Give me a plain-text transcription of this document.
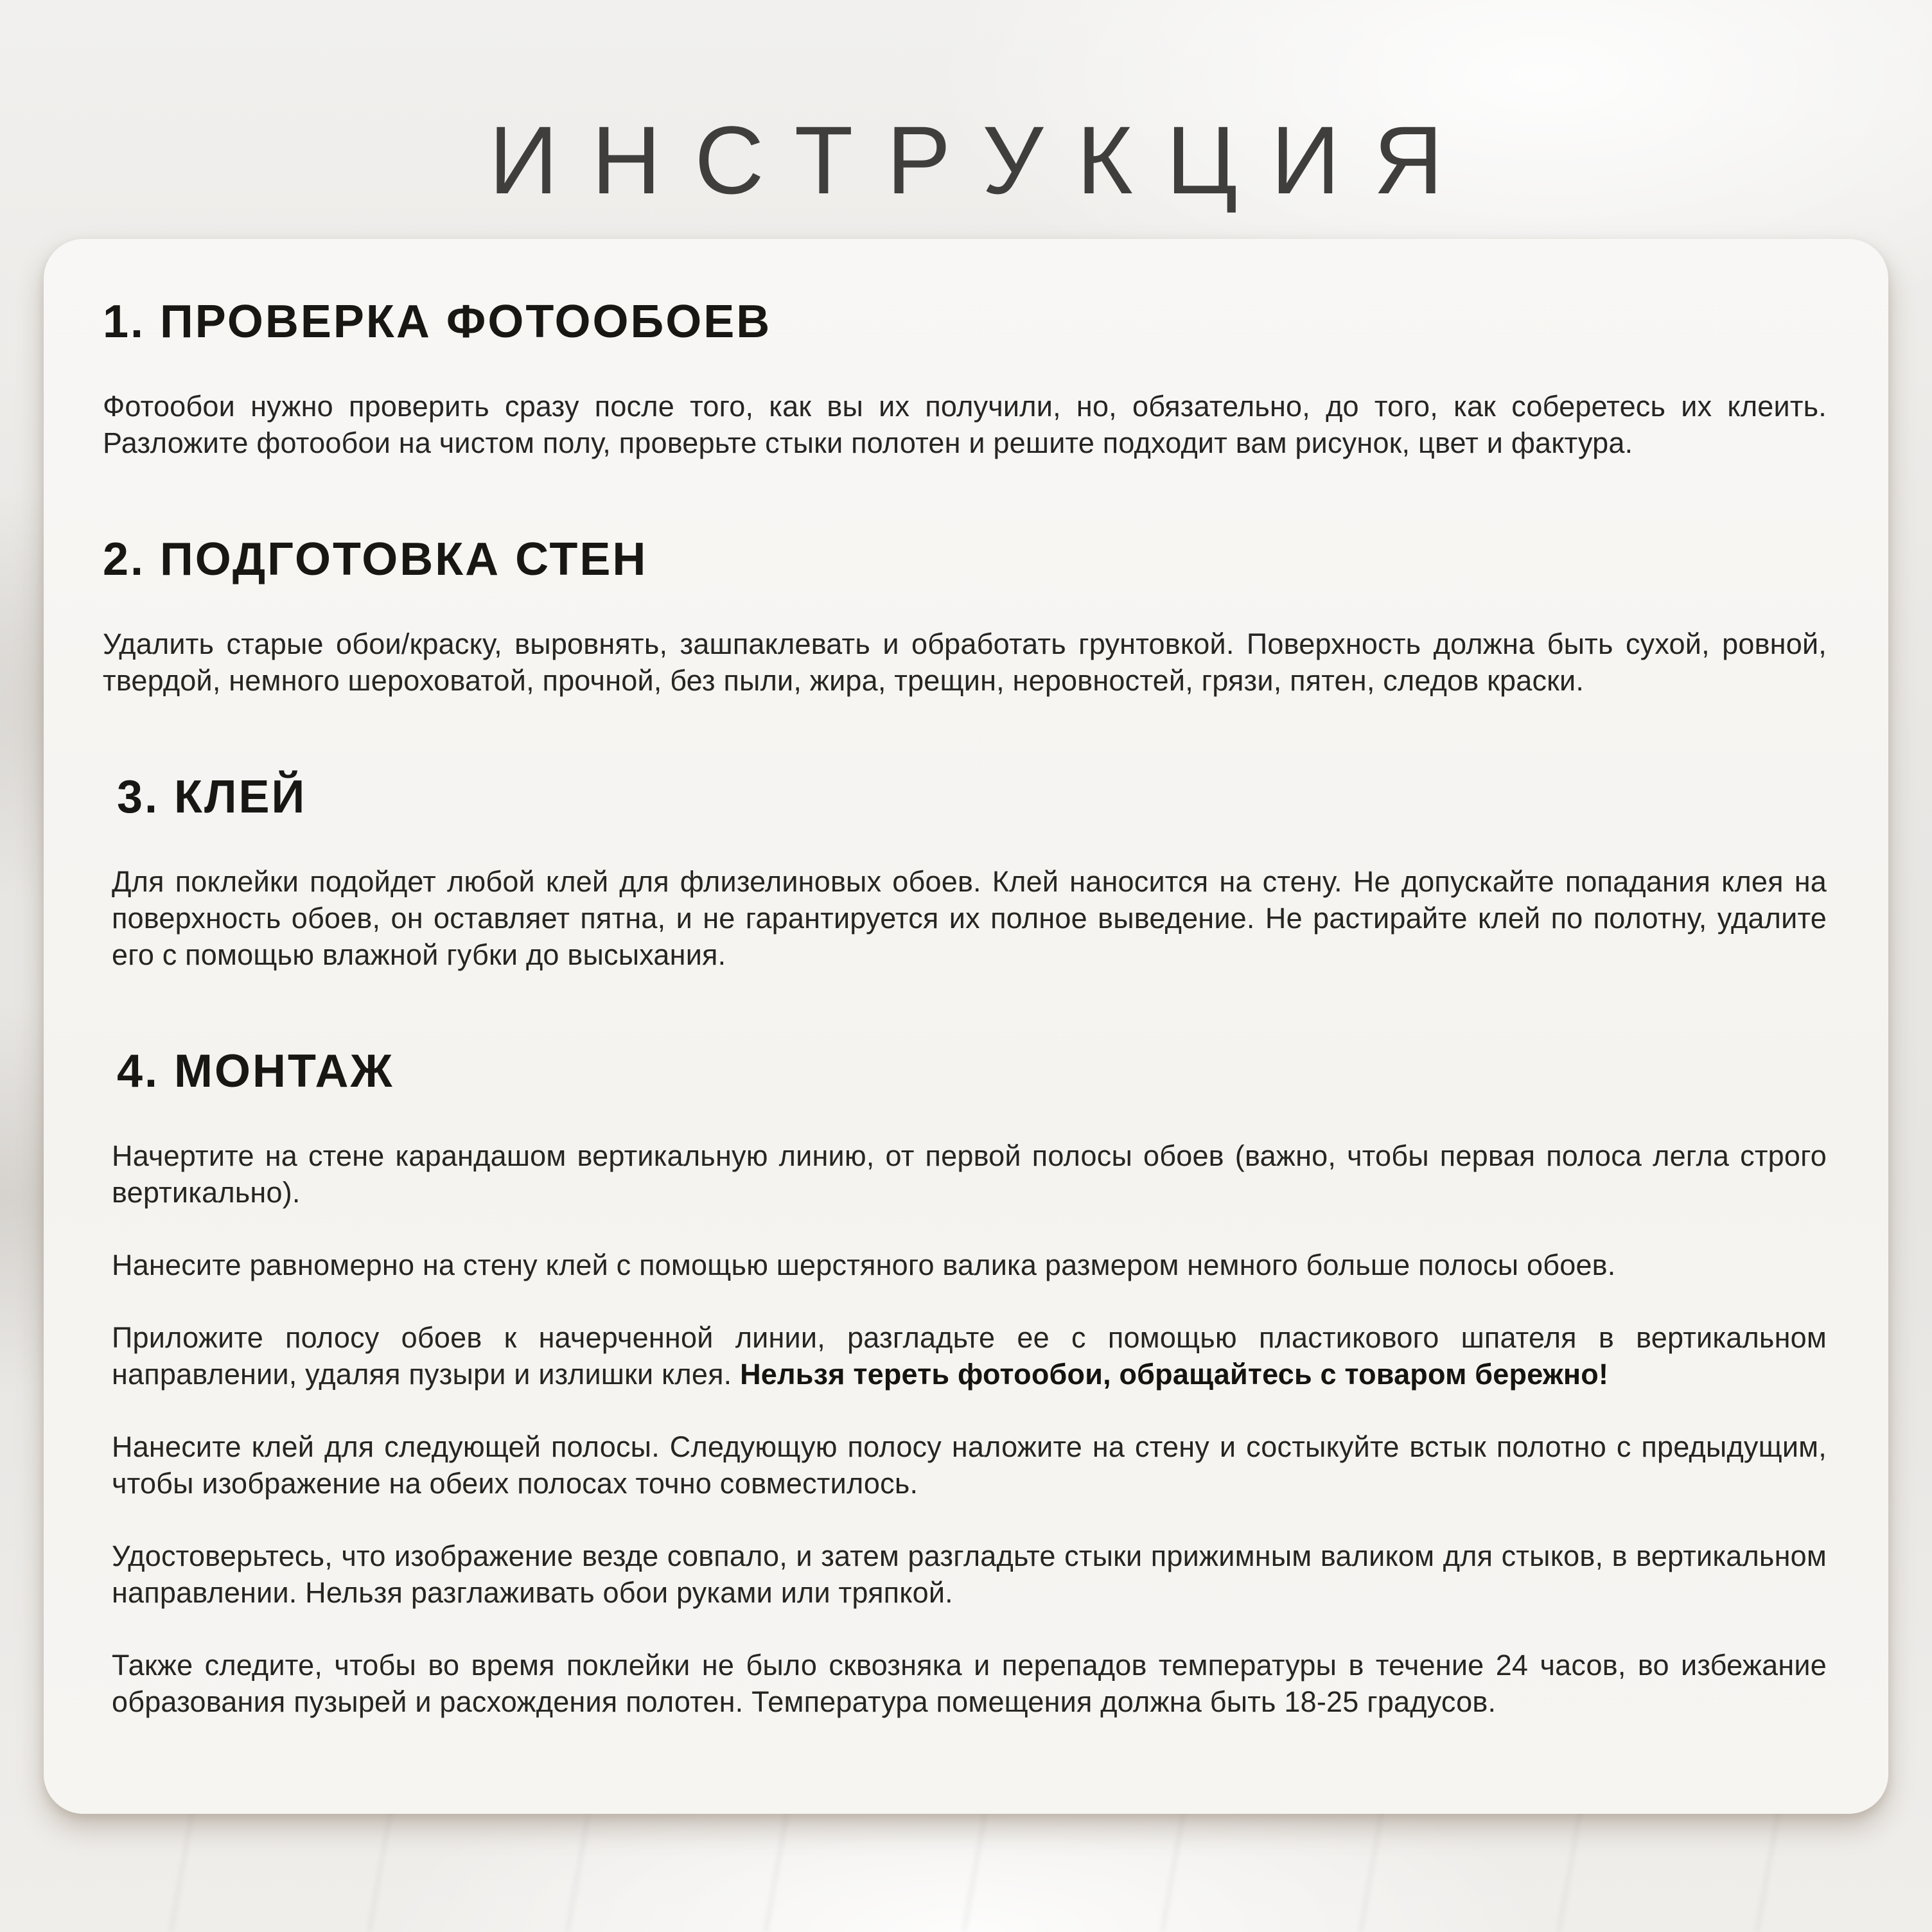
ИНСТРУКЦИЯ
1. ПРОВЕРКА ФОТООБОЕВ

Фотообои нужно проверить сразу после того, как вы их получили, но, обязательно, до того, как соберетесь их клеить. Разложите фотообои на чистом полу, проверьте стыки полотен и решите подходит вам рисунок, цвет и фактура.

2. ПОДГОТОВКА СТЕН

Удалить старые обои/краску, выровнять, зашпаклевать и обработать грунтовкой. Поверхность должна быть сухой, ровной, твердой, немного шероховатой, прочной, без пыли, жира, трещин, неровностей, грязи, пятен, следов краски.

3. КЛЕЙ

Для поклейки подойдет любой клей для флизелиновых обоев. Клей наносится на стену. Не допускайте попадания клея на поверхность обоев, он оставляет пятна, и не гарантируется их полное выведение. Не растирайте клей по полотну, удалите его с помощью влажной губки до высыхания.

4. МОНТАЖ

Начертите на стене карандашом вертикальную линию, от первой полосы обоев (важно, чтобы первая полоса легла строго вертикально).

Нанесите равномерно на стену клей с помощью шерстяного валика размером немного больше полосы обоев.

Приложите полосу обоев к начерченной линии, разгладьте ее с помощью пластикового шпателя в вертикальном направлении, удаляя пузыри и излишки клея. Нельзя тереть фотообои, обращайтесь с товаром бережно!

Нанесите клей для следующей полосы. Следующую полосу наложите на стену и состыкуйте встык полотно с предыдущим, чтобы изображение на обеих полосах точно совместилось.

Удостоверьтесь, что изображение везде совпало, и затем разгладьте стыки прижимным валиком для стыков, в вертикальном направлении. Нельзя разглаживать обои руками или тряпкой.

Также следите, чтобы во время поклейки не было сквозняка и перепадов температуры в течение 24 часов, во избежание образования пузырей и расхождения полотен. Температура помещения должна быть 18-25 градусов.
